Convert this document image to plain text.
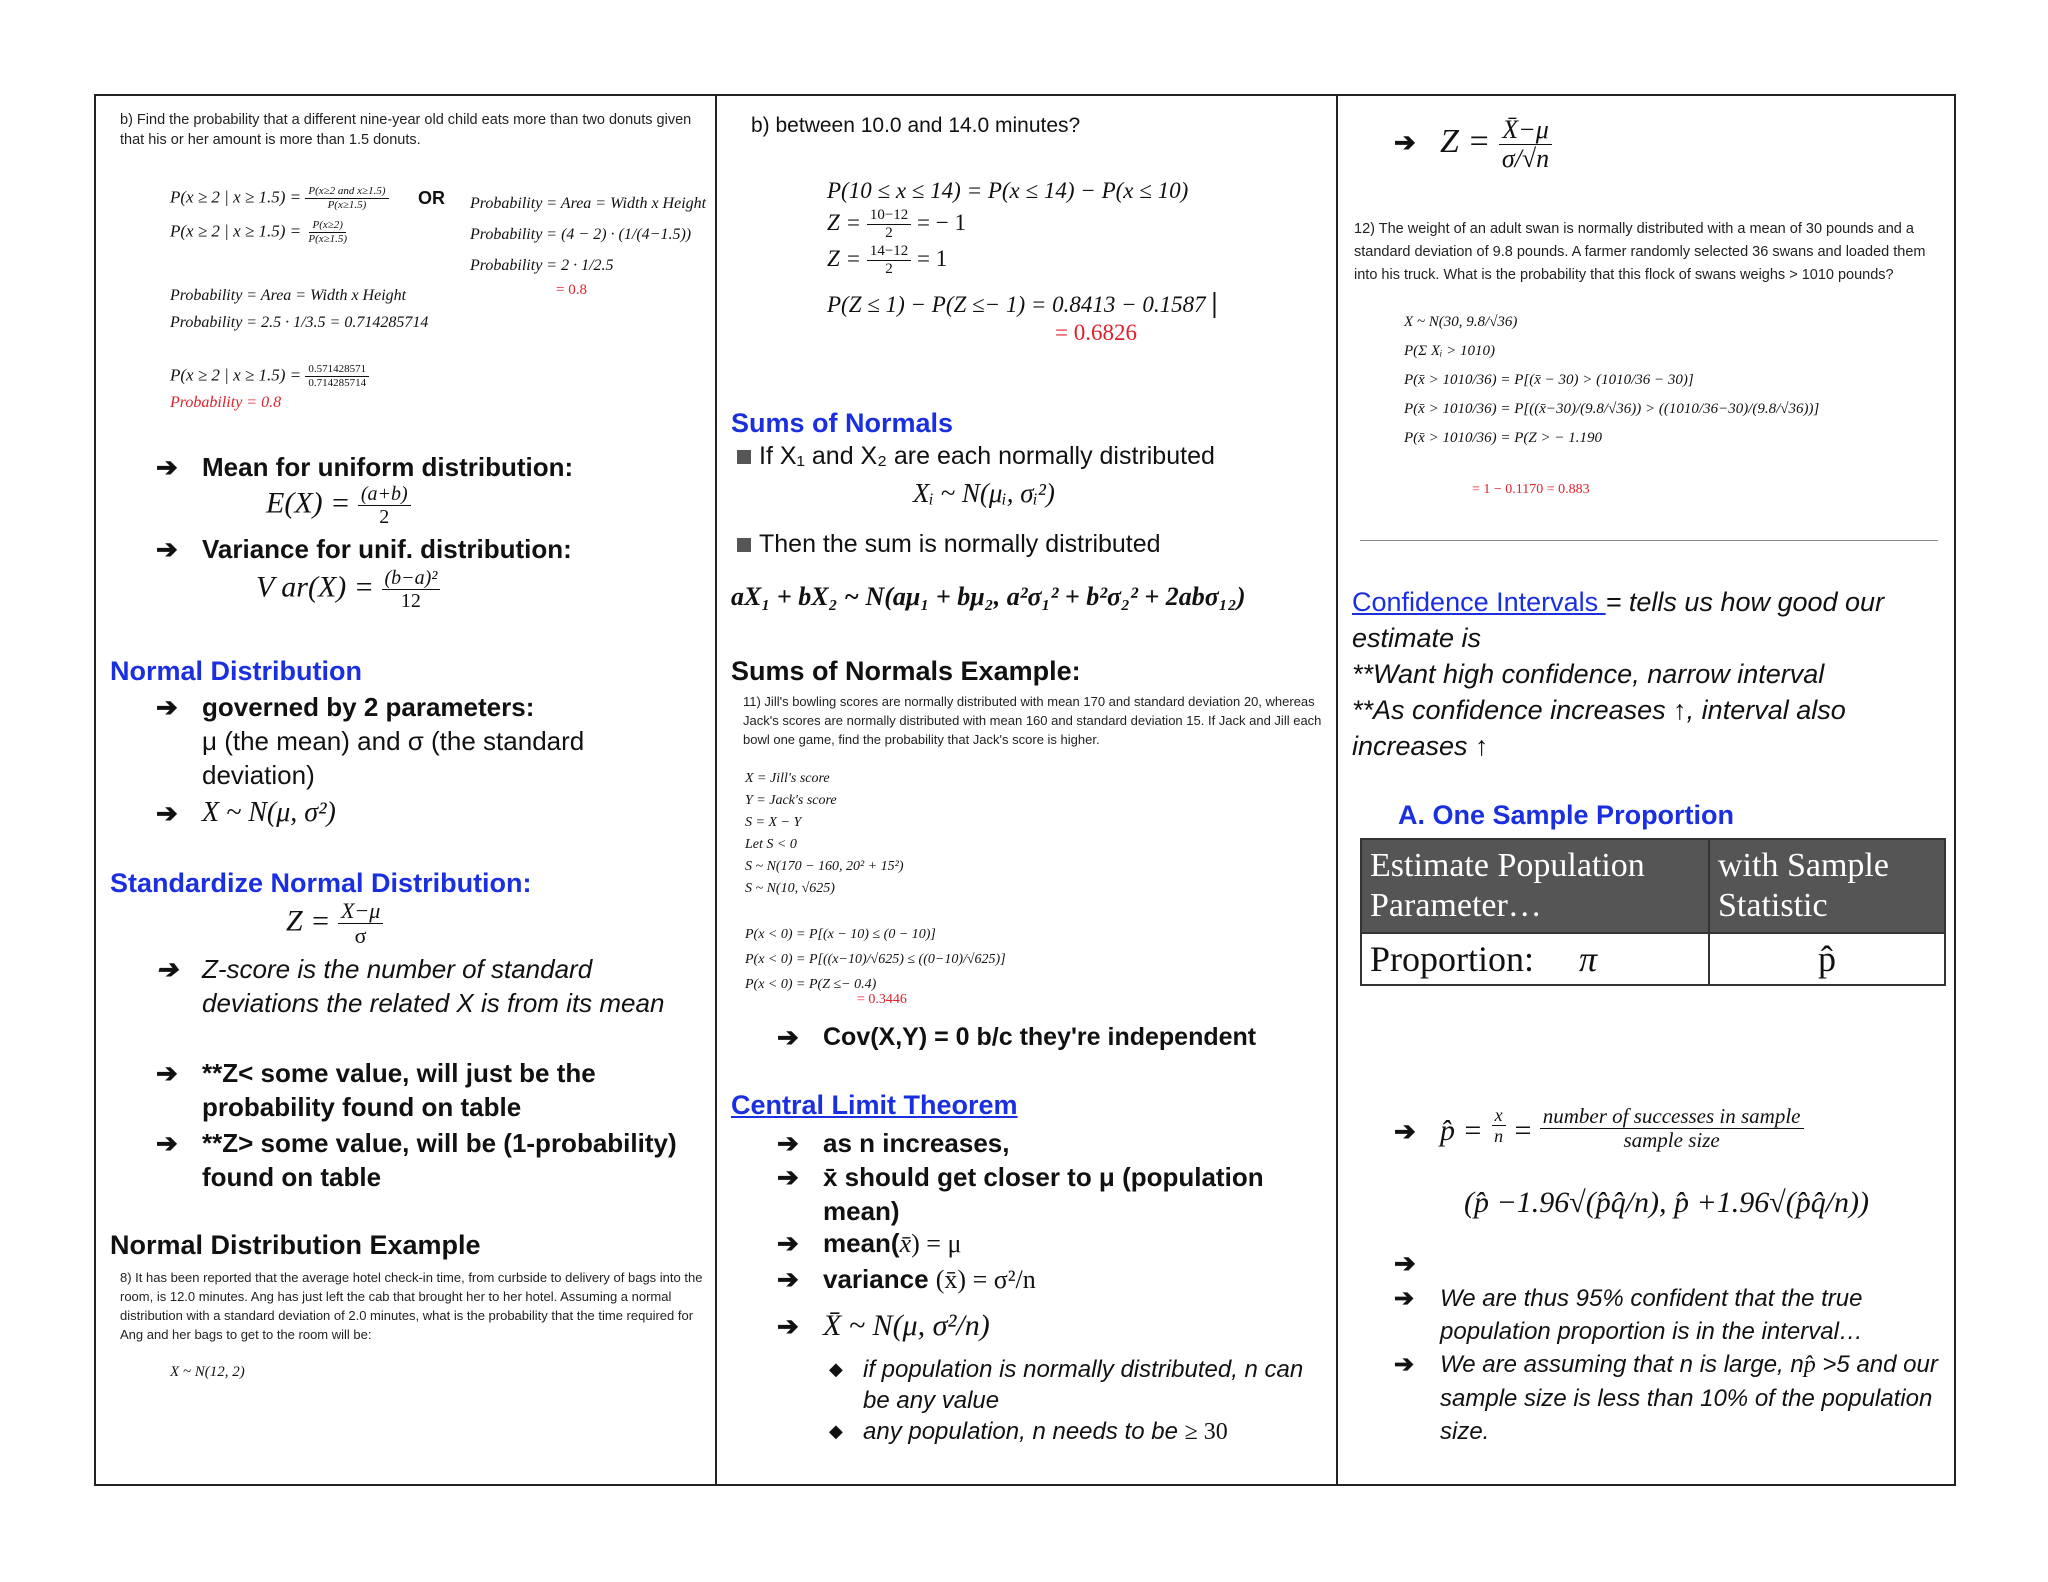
b) Find the probability that a different nine-year old child eats more than two donuts given that his or her amount is more than 1.5 donuts.
P(x ≥ 2 | $x \ge 1.5) = \frac{\text{P(x≥2 and x≥1.5)}}{P(x\ge 1.5)}$ OR
P(x ≥ 2 | $x \ge 1.5) = \frac{P(x\ge 2)}{P(x\ge 1.5)}$
Probability = Area = Width x Height
Probability = (4 − 2) · (1/(4−1.5))
Probability = 2 · 1/2.5
= 0.8
Probability = Area = Width x Height
Probability = 2.5 · 1/3.5 = 0.714285714
P(x ≥ 2 | $x \ge 1.5) = \frac{0.571428571}{0.714285714}$
Probability = 0.8
➔ Mean for uniform distribution:
$E(X) = \frac{(a+b)}{2}$
➔ Variance for unif. distribution:
V $ar(X) = \frac{\text{(b−a)²}}{12}$
Normal Distribution
➔ governed by 2 parameters:
μ (the mean) and σ (the standard deviation)
➔ X ~ N(μ, σ²)
Standardize Normal Distribution:
$Z = \frac{X-\mu}{\sigma}$
➔ Z-score is the number of standard deviations the related X is from its mean
➔ **Z< some value, will just be the probability found on table
➔ **Z> some value, will be (1-probability) found on table
Normal Distribution Example
8) It has been reported that the average hotel check-in time, from curbside to delivery of bags into the room, is 12.0 minutes. Ang has just left the cab that brought her to her hotel. Assuming a normal distribution with a standard deviation of 2.0 minutes, what is the probability that the time required for Ang and her bags to get to the room will be:
X ~ N(12, 2)
b) between 10.0 and 14.0 minutes?
P(10 ≤ x ≤ 14) = P(x ≤ 14) − P(x ≤ 10)
$Z = \frac{10-12}{2}$ = − 1
$Z = \frac{14-12}{2} = 1$
P(Z ≤ 1) − P(Z ≤− 1) = 0.8413 − 0.1587 |
= 0.6826
Sums of Normals
If X₁ and X₂ are each normally distributed
Xᵢ ~ N(μᵢ, σᵢ²)
Then the sum is normally distributed
aX₁ + bX₂ ~ N(aμ₁ + bμ₂, a²σ₁² + b²σ₂² + 2abσ₁₂)
Sums of Normals Example:
11) Jill's bowling scores are normally distributed with mean 170 and standard deviation 20, whereas Jack's scores are normally distributed with mean 160 and standard deviation 15. If Jack and Jill each bowl one game, find the probability that Jack's score is higher.
X = Jill's score
Y = Jack's score
S = X − Y
Let S < 0
S ~ N(170 − 160, 20² + 15²)
S ~ N(10, √625)
P(x < 0) = P[(x − 10) ≤ (0 − 10)]
P(x < 0) = P[((x−10)/√625) ≤ ((0−10)/√625)]
P(x < 0) = P(Z ≤− 0.4)
= 0.3446
➔ Cov(X,Y) = 0 b/c they're independent
Central Limit Theorem
➔ as n increases,
➔ x̄ should get closer to μ (population mean)
➔ mean(x̄) = μ
➔ variance (x̄) = σ²/n
➔ X̄ ~ N(μ, σ²/n)
◆ if population is normally distributed, n can be any value
◆ any population, n needs to be ≥ 30
➔ $Z = \frac{X̄-\mu}{\sigma/√n}$
12) The weight of an adult swan is normally distributed with a mean of 30 pounds and a standard deviation of 9.8 pounds. A farmer randomly selected 36 swans and loaded them into his truck. What is the probability that this flock of swans weighs > 1010 pounds?
X ~ N(30, 9.8/√36)
P(Σ Xᵢ > 1010)
P(x̄ > 1010/36) = P[(x̄ − 30) > (1010/36 − 30)]
P(x̄ > 1010/36) = P[((x̄−30)/(9.8/√36)) > ((1010/36−30)/(9.8/√36))]
P(x̄ > 1010/36) = P(Z > − 1.190
= 1 − 0.1170 = 0.883
Confidence Intervals = tells us how good our estimate is
**Want high confidence, narrow interval
**As confidence increases ↑, interval also increases ↑
A. One Sample Proportion
Estimate Population Parameter…	with Sample Statistic
Proportion: π	p̂
➔ p̂ =
$\frac{x}{n}$
=
$\frac{\text{number of successes in sample}}{\text{sample size}}$
(p̂ −1.96√(p̂q̂/n), p̂ +1.96√(p̂q̂/n))
➔
➔	We are thus 95% confident that the true population proportion is in the interval…
➔	We are assuming that n is large, np̂ >5 and our sample size is less than 10% of the population size.
